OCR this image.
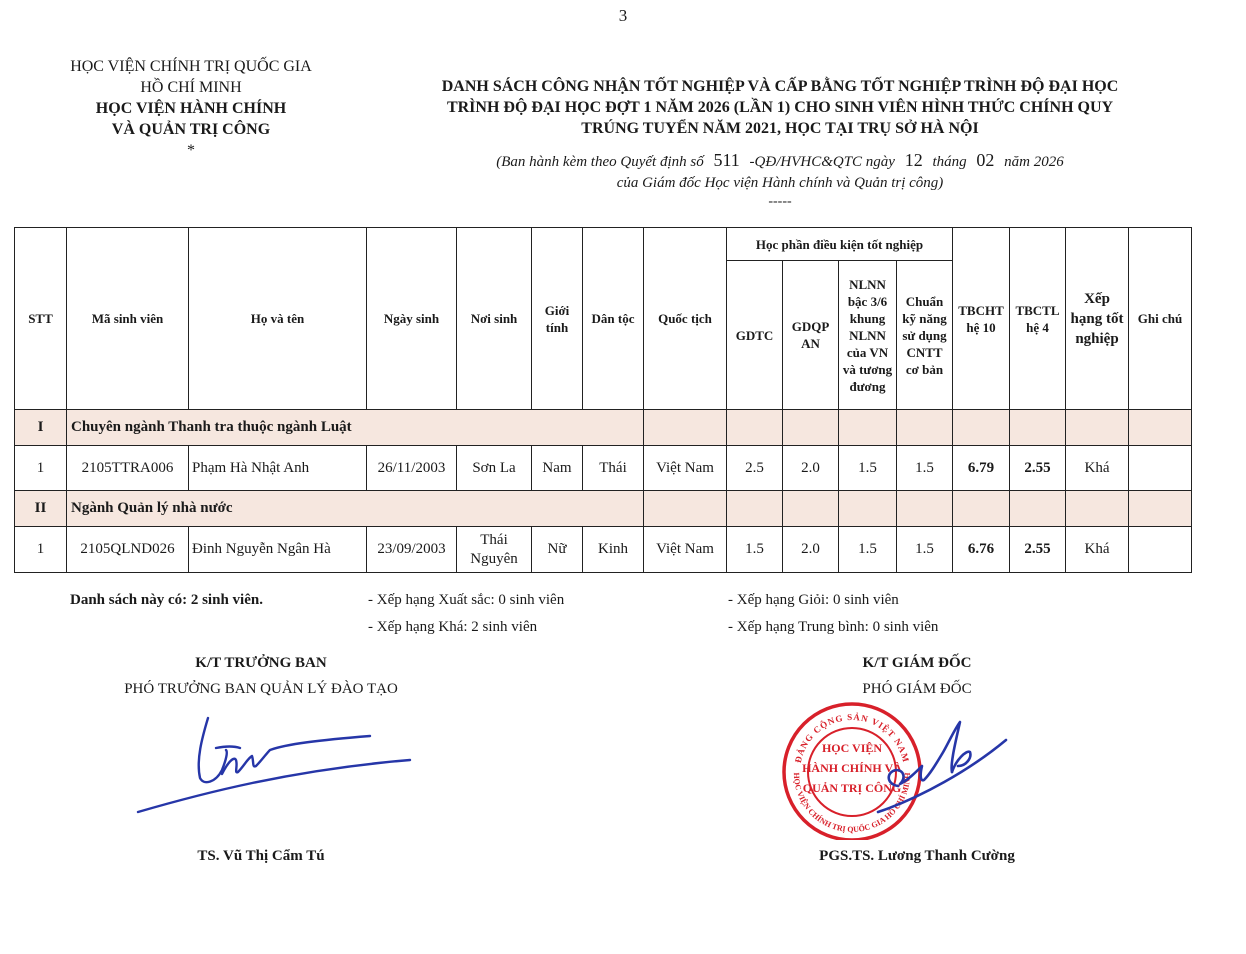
3
HỌC VIỆN CHÍNH TRỊ QUỐC GIA
HỒ CHÍ MINH
HỌC VIỆN HÀNH CHÍNH
VÀ QUẢN TRỊ CÔNG
*
DANH SÁCH CÔNG NHẬN TỐT NGHIỆP VÀ CẤP BẰNG TỐT NGHIỆP TRÌNH ĐỘ ĐẠI HỌC
TRÌNH ĐỘ ĐẠI HỌC ĐỢT 1 NĂM 2026 (LẦN 1) CHO SINH VIÊN HÌNH THỨC CHÍNH QUY
TRÚNG TUYỂN NĂM 2021, HỌC TẠI TRỤ SỞ HÀ NỘI
(Ban hành kèm theo Quyết định số 511 -QĐ/HVHC&QTC ngày 12 tháng 02 năm 2026
của Giám đốc Học viện Hành chính và Quản trị công)
-----
STT	Mã sinh viên	Họ và tên	Ngày sinh	Nơi sinh	Giới tính	Dân tộc	Quốc tịch	Học phần điều kiện tốt nghiệp				TBCHT hệ 10	TBCTL hệ 4	Xếp hạng tốt nghiệp	Ghi chú
								GDTC	GDQP AN	NLNN bậc 3/6 khung NLNN của VN và tương đương	Chuẩn kỹ năng sử dụng CNTT cơ bản				
I	Chuyên ngành Thanh tra thuộc ngành Luật														
1	2105TTRA006	Phạm Hà Nhật Anh	26/11/2003	Sơn La	Nam	Thái	Việt Nam	2.5	2.0	1.5	1.5	6.79	2.55	Khá	
II	Ngành Quản lý nhà nước														
1	2105QLND026	Đinh Nguyễn Ngân Hà	23/09/2003	Thái Nguyên	Nữ	Kinh	Việt Nam	1.5	2.0	1.5	1.5	6.76	2.55	Khá	
Danh sách này có: 2 sinh viên.	- Xếp hạng Xuất sắc: 0 sinh viên
- Xếp hạng Khá: 2 sinh viên
- Xếp hạng Giỏi: 0 sinh viên
- Xếp hạng Trung bình: 0 sinh viên
K/T TRƯỞNG BAN
PHÓ TRƯỞNG BAN QUẢN LÝ ĐÀO TẠO
TS. Vũ Thị Cẩm Tú
K/T GIÁM ĐỐC
PHÓ GIÁM ĐỐC
PGS.TS. Lương Thanh Cường
ĐẢNG CỘNG SẢN VIỆT NAM
HỌC VIỆN CHÍNH TRỊ QUỐC GIA HỒ CHÍ MINH
HỌC VIỆN
HÀNH CHÍNH VÀ
QUẢN TRỊ CÔNG
